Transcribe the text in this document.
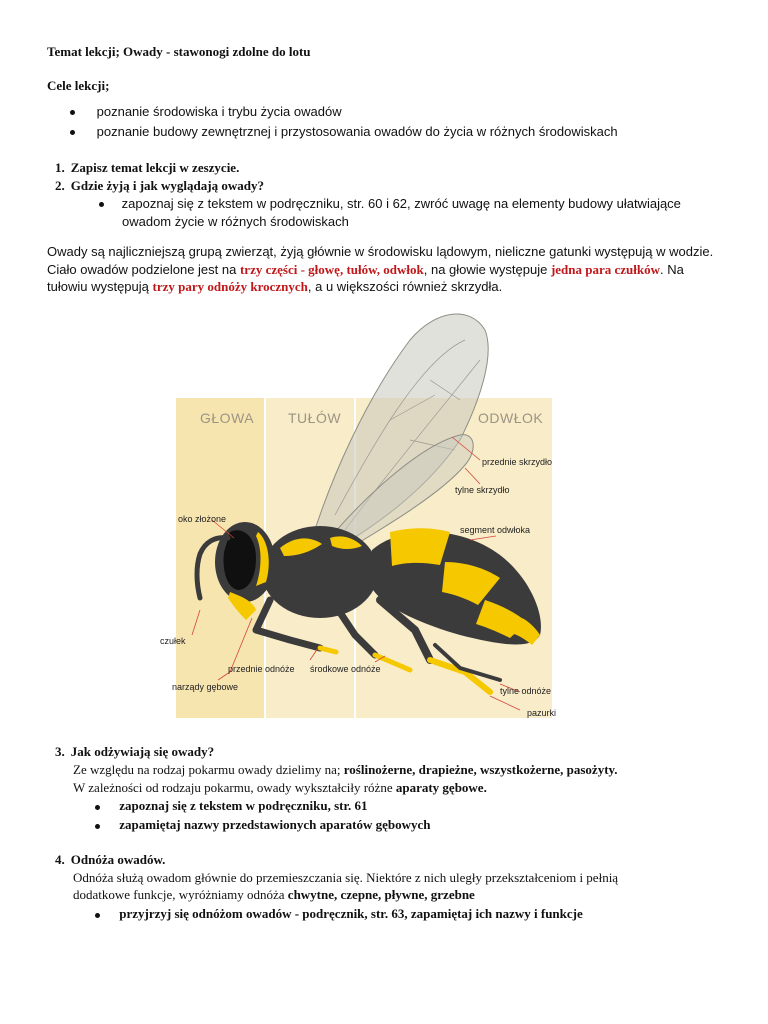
Temat lekcji; Owady - stawonogi zdolne do lotu
Cele lekcji;
poznanie środowiska i trybu życia owadów
poznanie budowy zewnętrznej i przystosowania owadów do życia w różnych środowiskach
1. Zapisz temat lekcji w zeszycie.
2. Gdzie żyją i jak wyglądają owady?
zapoznaj się z tekstem w podręczniku, str. 60 i 62, zwróć uwagę na elementy budowy ułatwiające
owadom życie w różnych środowiskach
Owady są najliczniejszą grupą zwierząt, żyją głównie w środowisku lądowym, nieliczne gatunki występują w wodzie.
Ciało owadów podzielone jest na trzy części - głowę, tułów, odwłok, na głowie występuje jedna para czułków. Na
tułowiu występują trzy pary odnóży krocznych, a u większości również skrzydła.
GŁOWA TUŁÓW	ODWŁOK
oko złożone
czułek
przednie odnóże środkowe odnóże
narządy gębowe
przednie skrzydło
tylne skrzydło
segment odwłoka
tylne odnóże
pazurki
3. Jak odżywiają się owady?
Ze względu na rodzaj pokarmu owady dzielimy na; roślinożerne, drapieżne, wszystkożerne, pasożyty.
W zależności od rodzaju pokarmu, owady wykształciły różne aparaty gębowe.
zapoznaj się z tekstem w podręczniku, str. 61
zapamiętaj nazwy przedstawionych aparatów gębowych
4. Odnóża owadów.
Odnóża służą owadom głównie do przemieszczania się. Niektóre z nich uległy przekształceniom i pełnią
dodatkowe funkcje, wyróżniamy odnóża chwytne, czepne, pływne, grzebne
przyjrzyj się odnóżom owadów - podręcznik, str. 63, zapamiętaj ich nazwy i funkcje
